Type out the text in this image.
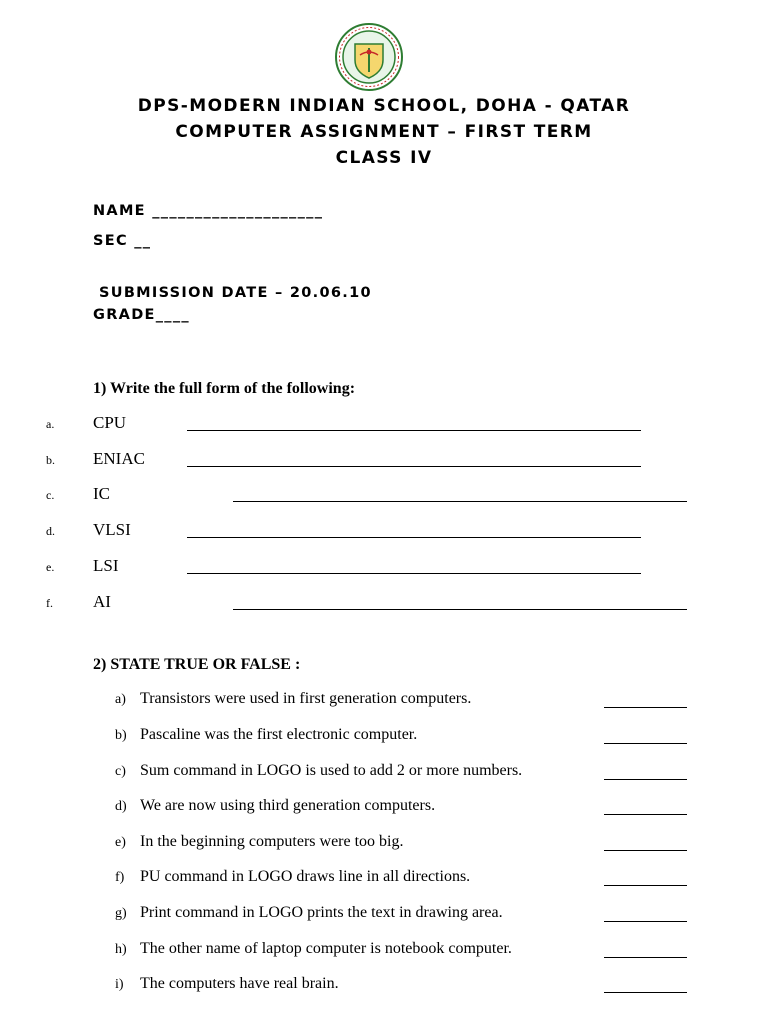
DPS-MODERN INDIAN SCHOOL, DOHA - QATAR
COMPUTER ASSIGNMENT – FIRST TERM
CLASS IV
NAME ____________________
SEC __
SUBMISSION DATE – 20.06.10
GRADE____
1) Write the full form of the following:
a. CPU
b. ENIAC
c. IC
d. VLSI
e. LSI
f. AI
2) STATE TRUE OR FALSE :
a) Transistors were used in first generation computers.
b) Pascaline was the first electronic computer.
c) Sum command in LOGO is used to add 2 or more numbers.
d) We are now using third generation computers.
e) In the beginning computers were too big.
f) PU command in LOGO draws line in all directions.
g) Print command in LOGO prints the text in drawing area.
h) The other name of laptop computer is notebook computer.
i) The computers have real brain.
